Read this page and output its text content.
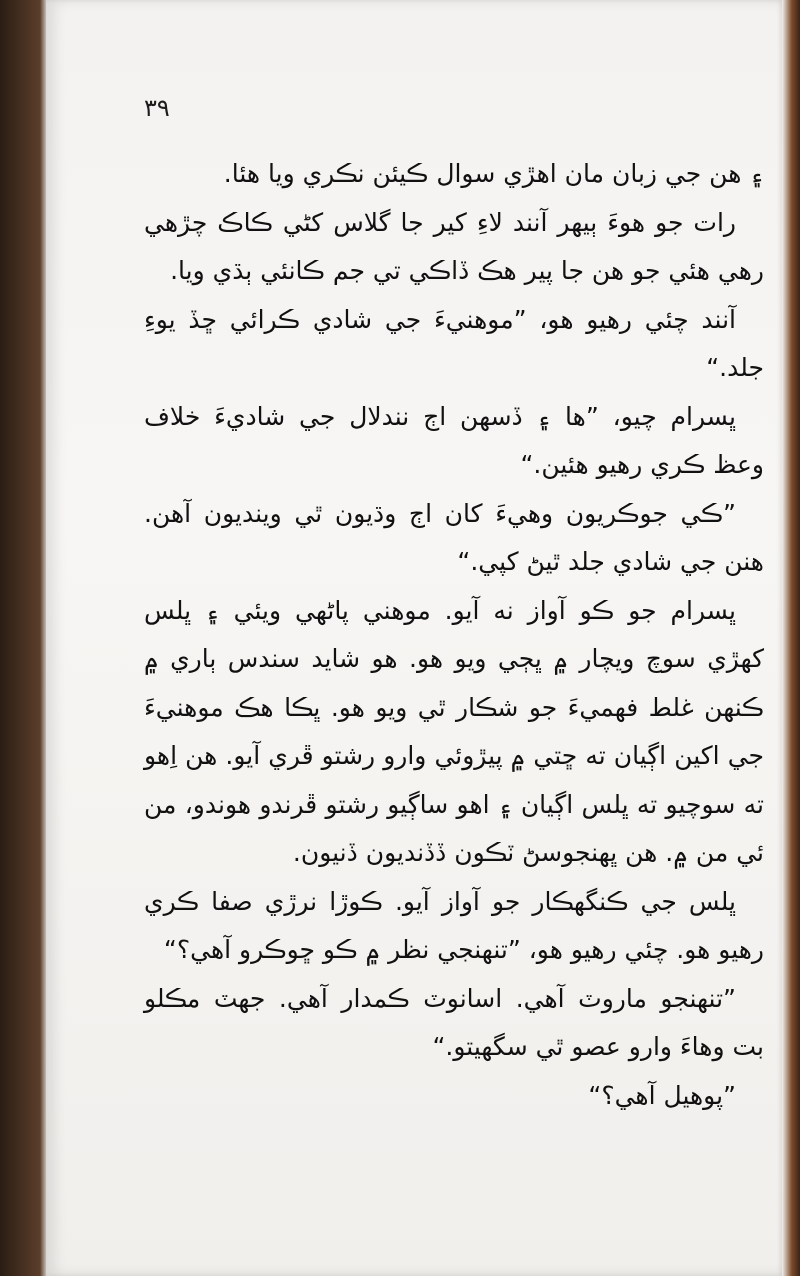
٣٩

۽ هن جي زبان مان اهڙي سوال ڪيئن نڪري ويا هئا.

رات جو هوءَ ٻيهر آنند لاءِ کير جا گلاس کڻي ڪاڪ چڙهي رهي هئي جو هن جا پير هڪ ڏاڪي تي جم ڪانئي ٻڌي ويا.

آنند چئي رهيو هو، ”موهنيءَ جي شادي ڪرائي ڇڏ يوءِ جلد.“

ڀسرام چيو، ”ها ۽ ڏسهن اڄ نندلال جي شاديءَ خلاف وعظ ڪري رهيو هئين.“

”ڪي جوڪريون وهيءَ کان اڄ وڌيون ٿي وينديون آهن. هنن جي شادي جلد ٿيڻ کپي.“

ڀسرام جو ڪو آواز نه آيو. موهني پاڻهي ويئي ۽ ڀلس کهڙي سوچ ويچار ۾ ڀڄي ويو هو. هو شايد سندس ٻاري ۾ ڪنهن غلط فهميءَ جو شڪار ٿي ويو هو. ڀڪا هڪ موهنيءَ جي اکين اڳيان ته ڇتي ۾ پيڙوئي وارو رشتو ڦري آيو. هن اِهو ته سوچيو ته ڀلس اڳيان ۽ اهو ساڳيو رشتو ڦرندو هوندو، من ئي من ۾. هن ڀهنجوسڻ ٽڪون ڏڏنديون ڏنيون.

ڀلس جي ڪنگهڪار جو آواز آيو. ڪوڙا نرڙي صفا ڪري رهيو هو. چئي رهيو هو، ”تنهنجي نظر ۾ ڪو ڇوڪرو آهي؟“

”تنهنجو ماروٽ آهي. اسانوٽ ڪمدار آهي. جهٽ مڪلو بت وهاءَ وارو عصو ٿي سگهيتو.“

”پوهيل آهي؟“
